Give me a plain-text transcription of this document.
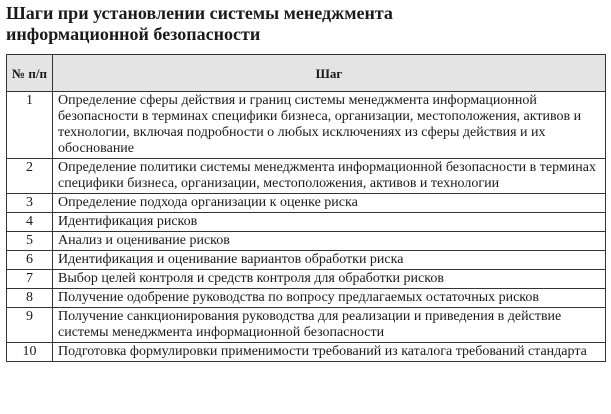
Шаги при установлении системы менеджмента
информационной безопасности
№ п/п	Шаг
1	Определение сферы действия и границ системы менеджмента информационной безопасности в терминах специфики бизнеса, организации, местоположения, активов и технологии, включая подробности о любых исключениях из сферы действия и их обоснование
2	Определение политики системы менеджмента информационной безопасности в терминах специфики бизнеса, организации, местоположения, активов и технологии
3	Определение подхода организации к оценке риска
4	Идентификация рисков
5	Анализ и оценивание рисков
6	Идентификация и оценивание вариантов обработки риска
7	Выбор целей контроля и средств контроля для обработки рисков
8	Получение одобрение руководства по вопросу предлагаемых остаточных рисков
9	Получение санкционирования руководства для реализации и приведения в действие системы менеджмента информационной безопасности
10	Подготовка формулировки применимости требований из каталога требований стандарта
